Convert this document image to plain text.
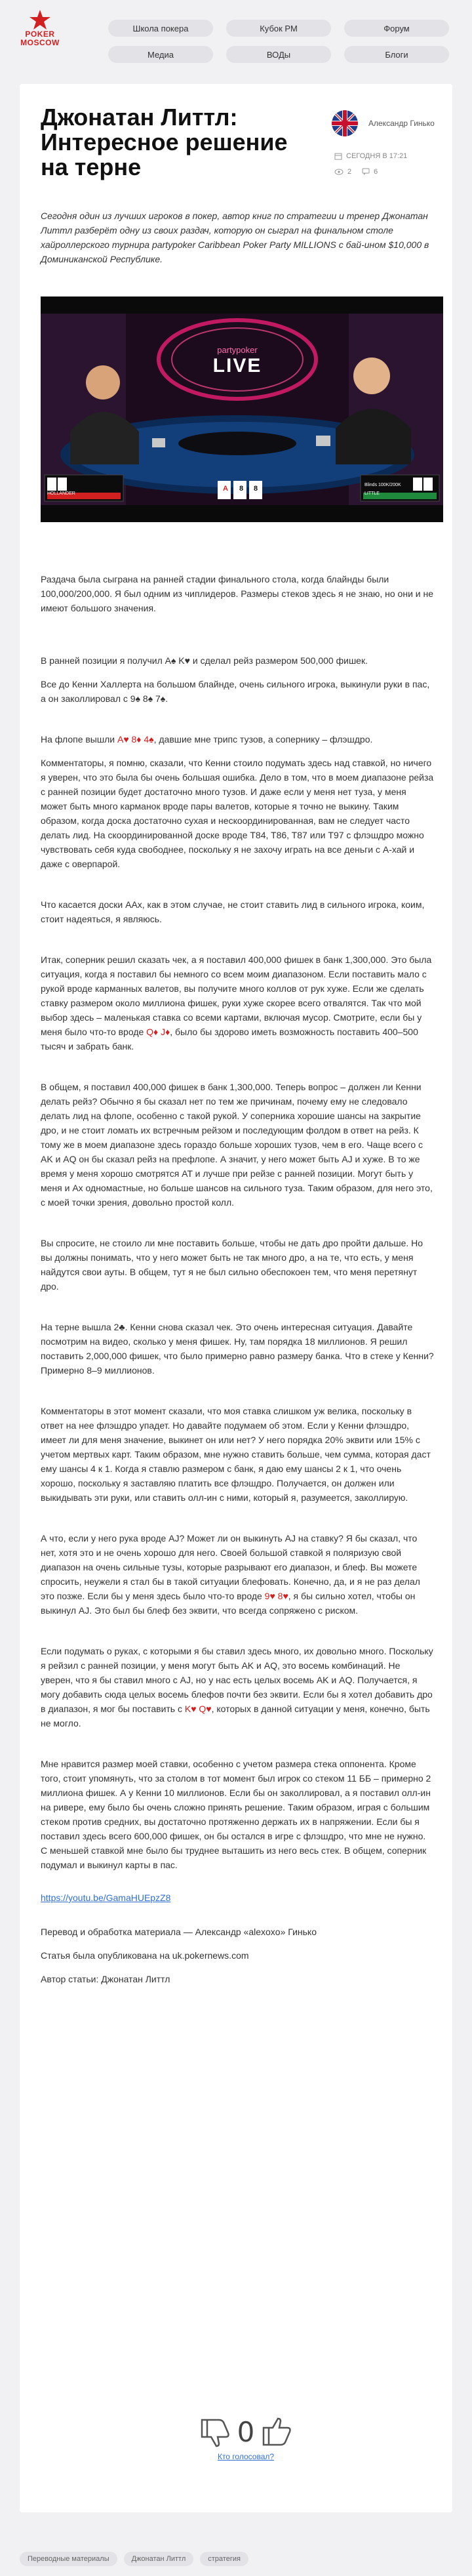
POKER
MOSCOW
Школа покера	Кубок РМ	Форум
Медиа	ВОДы	Блоги
Джонатан Литтл: Интересное решение на терне
Александр Гинько
СЕГОДНЯ В 17:21
2	6

Сегодня один из лучших игроков в покер, автор книг по стратегии и тренер Джонатан Литтл разберёт одну из своих раздач, которую он сыграл на финальном столе хайроллерского турнира partypoker Caribbean Poker Party MILLIONS с бай-ином $10,000 в Доминиканской Республике.

partypoker
LIVE
HOLLANDER	LITTLE
Blinds 100K/200K
A	8	8

Раздача была сыграна на ранней стадии финального стола, когда блайнды были 100,000/200,000. Я был одним из чиплидеров. Размеры стеков здесь я не знаю, но они и не имеют большого значения.

В ранней позиции я получил A♠ K♥ и сделал рейз размером 500,000 фишек.

Все до Кенни Халлерта на большом блайнде, очень сильного игрока, выкинули руки в пас, а он заколлировал с 9♠ 8♠ 7♠.

На флопе вышли A♥ 8♦ 4♠, давшие мне трипс тузов, а сопернику – флэшдро.

Комментаторы, я помню, сказали, что Кенни стоило подумать здесь над ставкой, но ничего я уверен, что это была бы очень большая ошибка. Дело в том, что в моем диапазоне рейза с ранней позиции будет достаточно много тузов. И даже если у меня нет туза, у меня может быть много карманок вроде пары валетов, которые я точно не выкину. Таким образом, когда доска достаточно сухая и нескоординированная, вам не следует часто делать лид. На скоординированной доске вроде T84, T86, T87 или T97 с флэшдро можно чувствовать себя куда свободнее, поскольку я не захочу играть на все деньги с A-хай и даже с оверпарой.

Что касается доски AAx, как в этом случае, не стоит ставить лид в сильного игрока, коим, стоит надеяться, я являюсь.

Итак, соперник решил сказать чек, а я поставил 400,000 фишек в банк 1,300,000. Это была ситуация, когда я поставил бы немного со всем моим диапазоном. Если поставить мало с рукой вроде карманных валетов, вы получите много коллов от рук хуже. Если же сделать ставку размером около миллиона фишек, руки хуже скорее всего отвалятся. Так что мой выбор здесь – маленькая ставка со всеми картами, включая мусор. Смотрите, если бы у меня было что-то вроде Q♦ J♦, было бы здорово иметь возможность поставить 400–500 тысяч и забрать банк.

В общем, я поставил 400,000 фишек в банк 1,300,000. Теперь вопрос – должен ли Кенни делать рейз? Обычно я бы сказал нет по тем же причинам, почему ему не следовало делать лид на флопе, особенно с такой рукой. У соперника хорошие шансы на закрытие дро, и не стоит ломать их встречным рейзом и последующим фолдом в ответ на рейз. К тому же в моем диапазоне здесь гораздо больше хороших тузов, чем в его. Чаще всего с AK и AQ он бы сказал рейз на префлопе. А значит, у него может быть AJ и хуже. В то же время у меня хорошо смотрятся AT и лучше при рейзе с ранней позиции. Могут быть у меня и Ax одномастные, но больше шансов на сильного туза. Таким образом, для него это, с моей точки зрения, довольно простой колл.

Вы спросите, не стоило ли мне поставить больше, чтобы не дать дро пройти дальше. Но вы должны понимать, что у него может быть не так много дро, а на те, что есть, у меня найдутся свои ауты. В общем, тут я не был сильно обеспокоен тем, что меня перетянут дро.

На терне вышла 2♣. Кенни снова сказал чек. Это очень интересная ситуация. Давайте посмотрим на видео, сколько у меня фишек. Ну, там порядка 18 миллионов. Я решил поставить 2,000,000 фишек, что было примерно равно размеру банка. Что в стеке у Кенни? Примерно 8–9 миллионов.

Комментаторы в этот момент сказали, что моя ставка слишком уж велика, поскольку в ответ на нее флэшдро упадет. Но давайте подумаем об этом. Если у Кенни флэшдро, имеет ли для меня значение, выкинет он или нет? У него порядка 20% эквити или 15% с учетом мертвых карт. Таким образом, мне нужно ставить больше, чем сумма, которая даст ему шансы 4 к 1. Когда я ставлю размером с банк, я даю ему шансы 2 к 1, что очень хорошо, поскольку я заставляю платить все флэшдро. Получается, он должен или выкидывать эти руки, или ставить олл-ин с ними, который я, разумеется, заколлирую.

А что, если у него рука вроде AJ? Может ли он выкинуть AJ на ставку? Я бы сказал, что нет, хотя это и не очень хорошо для него. Своей большой ставкой я поляризую свой диапазон на очень сильные тузы, которые разрывают его диапазон, и блеф. Вы можете спросить, неужели я стал бы в такой ситуации блефовать. Конечно, да, и я не раз делал это позже. Если бы у меня здесь было что-то вроде 9♥ 8♥, я бы сильно хотел, чтобы он выкинул AJ. Это был бы блеф без эквити, что всегда сопряжено с риском.

Если подумать о руках, с которыми я бы ставил здесь много, их довольно много. Поскольку я рейзил с ранней позиции, у меня могут быть AK и AQ, это восемь комбинаций. Не уверен, что я бы ставил много с AJ, но у нас есть целых восемь AK и AQ. Получается, я могу добавить сюда целых восемь блефов почти без эквити. Если бы я хотел добавить дро в диапазон, я мог бы поставить с K♥ Q♥, которых в данной ситуации у меня, конечно, быть не могло.

Мне нравится размер моей ставки, особенно с учетом размера стека оппонента. Кроме того, стоит упомянуть, что за столом в тот момент был игрок со стеком 11 ББ – примерно 2 миллиона фишек. А у Кенни 10 миллионов. Если бы он заколлировал, а я поставил олл-ин на ривере, ему было бы очень сложно принять решение. Таким образом, играя с большим стеком против средних, вы достаточно протяженно держать их в напряжении. Если бы я поставил здесь всего 600,000 фишек, он бы остался в игре с флэшдро, что мне не нужно. С меньшей ставкой мне было бы труднее выташить из него весь стек. В общем, соперник подумал и выкинул карты в пас.

https://youtu.be/GamaHUEpzZ8

Перевод и обработка материала — Александр «alexoxo» Гинько

Статья была опубликована на uk.pokernews.com

Автор статьи: Джонатан Литтл

0
Кто голосовал?
Переводные материалы	Джонатан Литтл	стратегия
